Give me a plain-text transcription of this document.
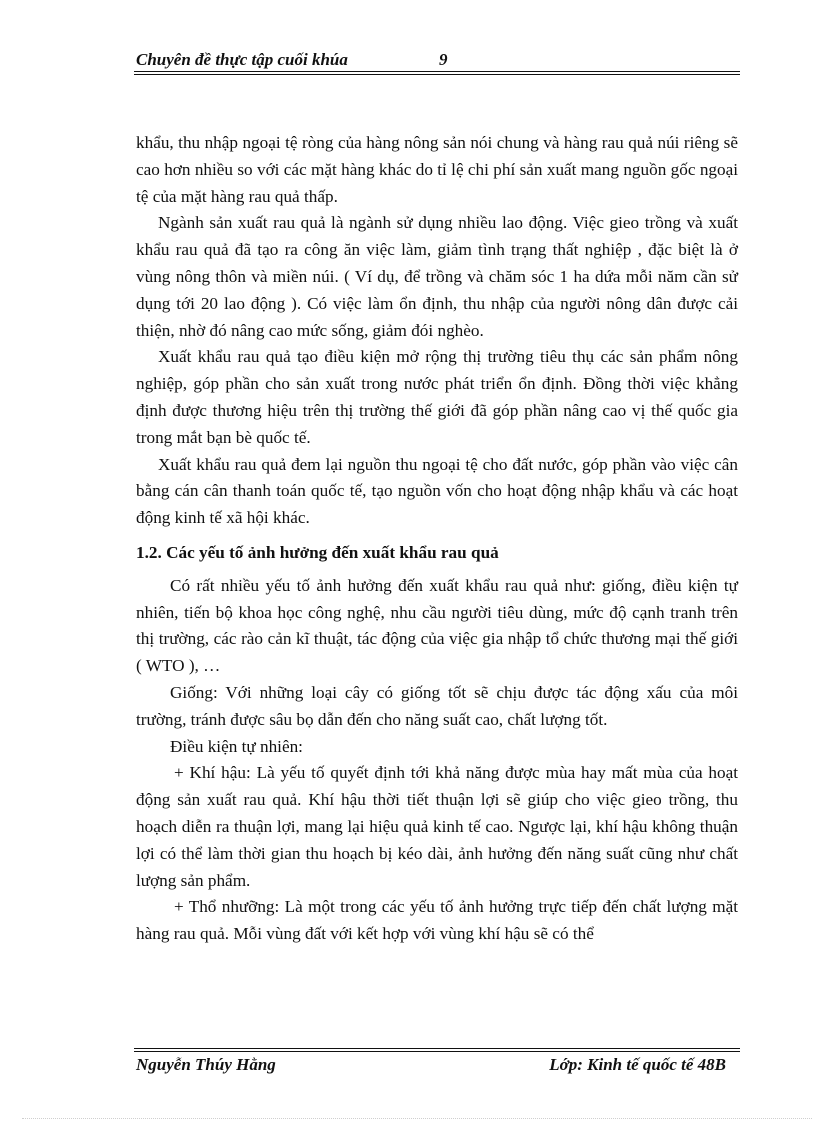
Chuyên đề thực tập cuối khúa	9

khẩu, thu nhập ngoại tệ ròng của hàng nông sản nói chung và hàng rau quả núi riêng sẽ cao hơn nhiều so với các mặt hàng khác do tỉ lệ chi phí sản xuất mang nguồn gốc ngoại tệ của mặt hàng rau quả thấp.

Ngành sản xuất rau quả là ngành sử dụng nhiều lao động. Việc gieo trồng và xuất khẩu rau quả đã tạo ra công ăn việc làm, giảm tình trạng thất nghiệp , đặc biệt là ở vùng nông thôn và miền núi. ( Ví dụ, để trồng và chăm sóc 1 ha dứa mỗi năm cần sử dụng tới 20 lao động ). Có việc làm ổn định, thu nhập của người nông dân được cải thiện, nhờ đó nâng cao mức sống, giảm đói nghèo.

Xuất khẩu rau quả tạo điều kiện mở rộng thị trường tiêu thụ các sản phẩm nông nghiệp, góp phần cho sản xuất trong nước phát triển ổn định. Đồng thời việc khẳng định được thương hiệu trên thị trường thế giới đã góp phần nâng cao vị thế quốc gia trong mắt bạn bè quốc tế.

Xuất khẩu rau quả đem lại nguồn thu ngoại tệ cho đất nước, góp phần vào việc cân bằng cán cân thanh toán quốc tế, tạo nguồn vốn cho hoạt động nhập khẩu và các hoạt động kinh tế xã hội khác.

1.2. Các yếu tố ảnh hưởng đến xuất khẩu rau quả

Có rất nhiều yếu tố ảnh hưởng đến xuất khẩu rau quả như: giống, điều kiện tự nhiên, tiến bộ khoa học công nghệ, nhu cầu người tiêu dùng, mức độ cạnh tranh trên thị trường, các rào cản kĩ thuật, tác động của việc gia nhập tổ chức thương mại thế giới ( WTO ), …

Giống: Với những loại cây có giống tốt sẽ chịu được tác động xấu của môi trường, tránh được sâu bọ dẫn đến cho năng suất cao, chất lượng tốt.

Điều kiện tự nhiên:

+ Khí hậu: Là yếu tố quyết định tới khả năng được mùa hay mất mùa của hoạt động sản xuất rau quả. Khí hậu thời tiết thuận lợi sẽ giúp cho việc gieo trồng, thu hoạch diễn ra thuận lợi, mang lại hiệu quả kinh tế cao. Ngược lại, khí hậu không thuận lợi có thể làm thời gian thu hoạch bị kéo dài, ảnh hưởng đến năng suất cũng như chất lượng sản phẩm.

+ Thổ nhưỡng: Là một trong các yếu tố ảnh hưởng trực tiếp đến chất lượng mặt hàng rau quả. Mỗi vùng đất với kết hợp với vùng khí hậu sẽ có thể

Nguyễn Thúy Hằng	Lớp: Kinh tế quốc tế 48B
